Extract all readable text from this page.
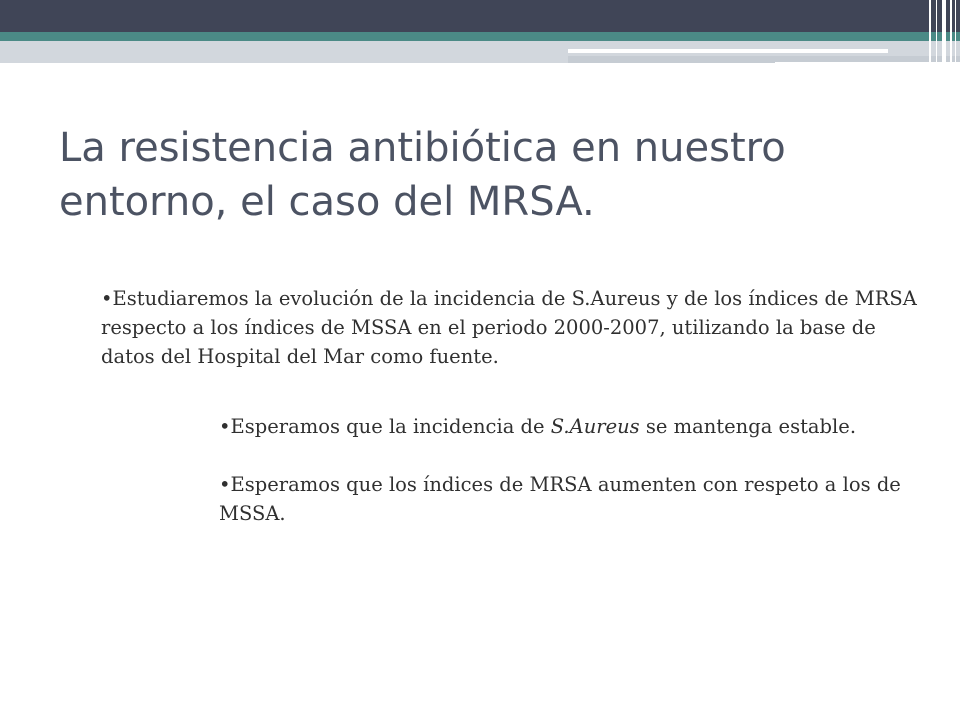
La resistencia antibiótica en nuestro entorno, el caso del MRSA.

•Estudiaremos la evolución de la incidencia de S.Aureus y de los índices de MRSA respecto a los índices de MSSA en el periodo 2000-2007, utilizando la base de datos del Hospital del Mar como fuente.

•Esperamos que la incidencia de S.Aureus se mantenga estable.

•Esperamos que los índices de MRSA aumenten con respeto a los de MSSA.
